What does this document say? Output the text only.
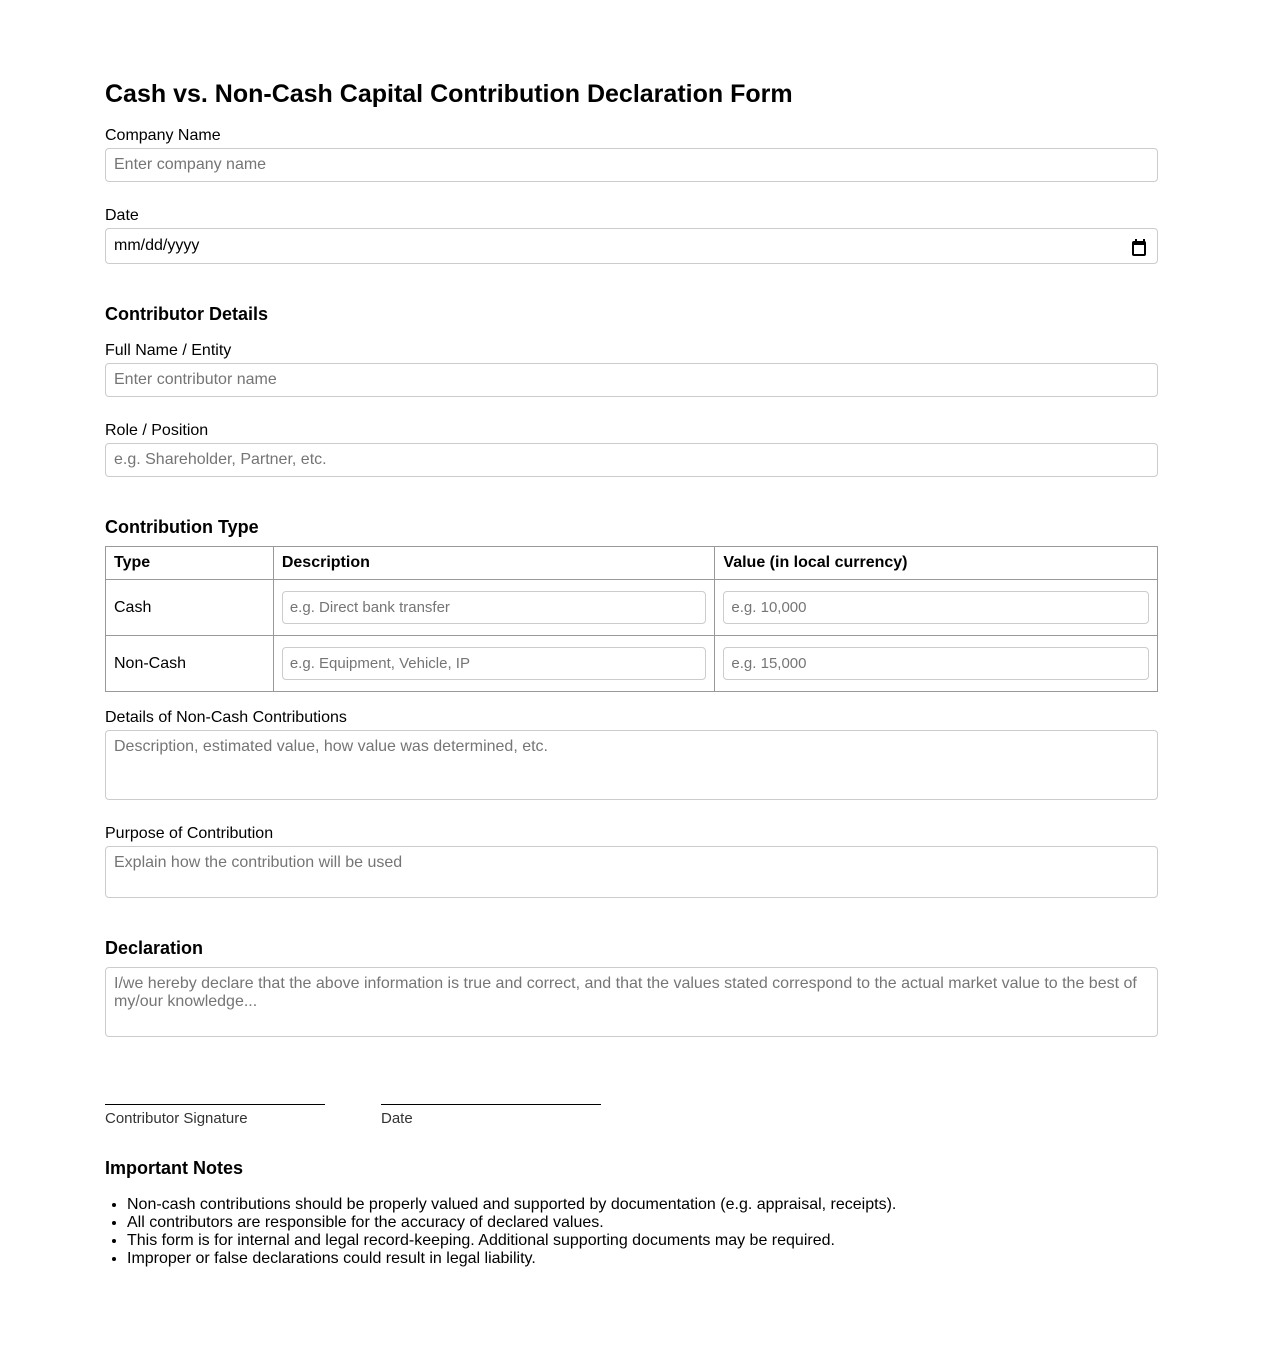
Cash vs. Non-Cash Capital Contribution Declaration Form
Company Name
Enter company name
Date
mm/dd/yyyy
Contributor Details
Full Name / Entity
Enter contributor name
Role / Position
e.g. Shareholder, Partner, etc.
Contribution Type
Type	Description	Value (in local currency)
Cash	e.g. Direct bank transfer	e.g. 10,000
Non-Cash	e.g. Equipment, Vehicle, IP	e.g. 15,000
Details of Non-Cash Contributions
Description, estimated value, how value was determined, etc.
Purpose of Contribution
Explain how the contribution will be used
Declaration
I/we hereby declare that the above information is true and correct, and that the values stated correspond to the actual market value to the best of my/our knowledge...
Contributor Signature	Date
Important Notes
• Non-cash contributions should be properly valued and supported by documentation (e.g. appraisal, receipts).
• All contributors are responsible for the accuracy of declared values.
• This form is for internal and legal record-keeping. Additional supporting documents may be required.
• Improper or false declarations could result in legal liability.
